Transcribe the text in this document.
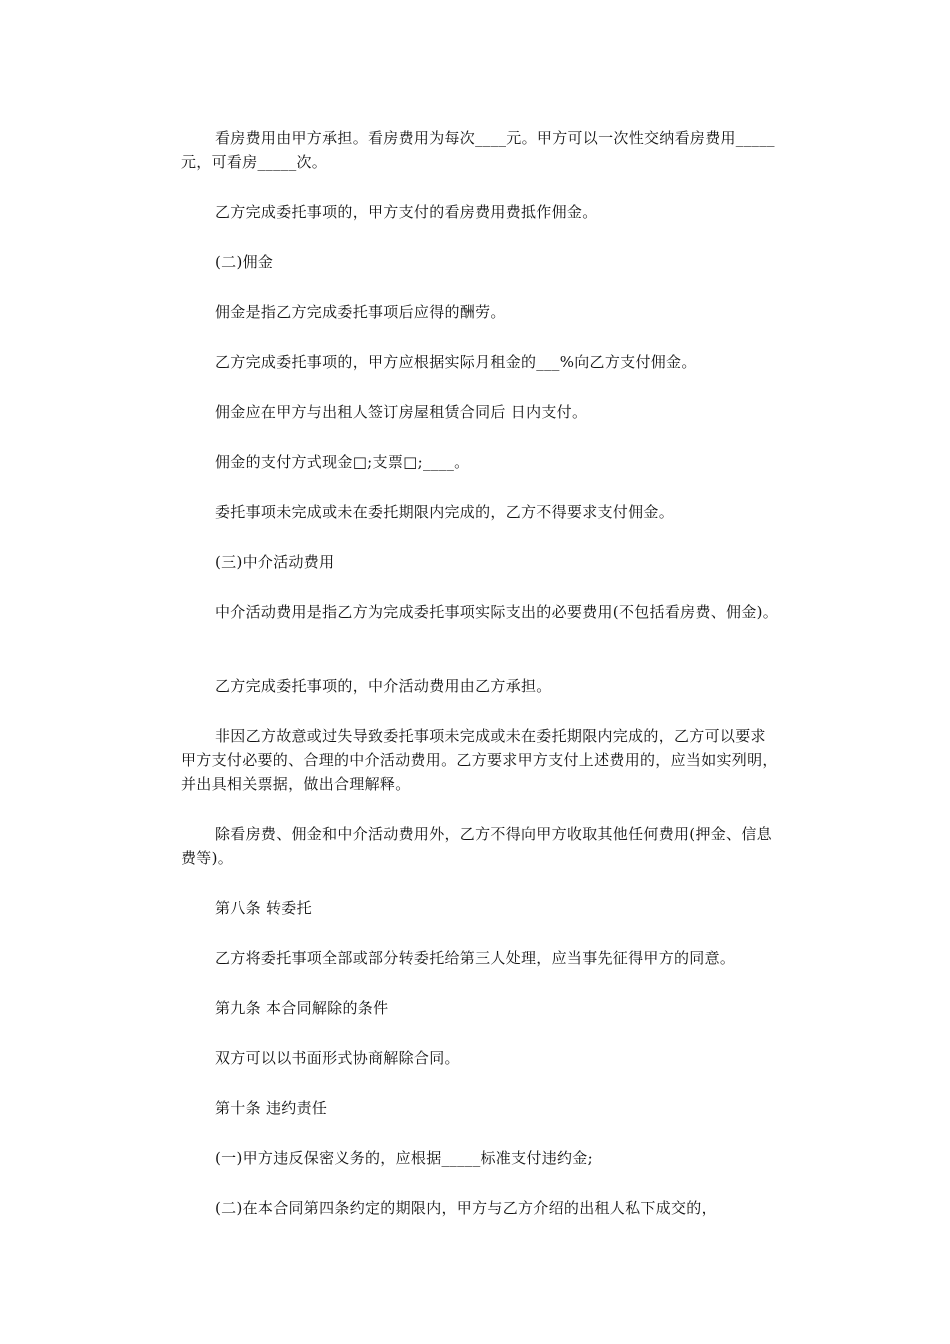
看房费用由甲方承担。看房费用为每次____元。甲方可以一次性交纳看房费用_____元，可看房_____次。

乙方完成委托事项的，甲方支付的看房费用费抵作佣金。

(二)佣金

佣金是指乙方完成委托事项后应得的酬劳。

乙方完成委托事项的，甲方应根据实际月租金的___%向乙方支付佣金。

佣金应在甲方与出租人签订房屋租赁合同后 日内支付。

佣金的支付方式现金□;支票□;____。

委托事项未完成或未在委托期限内完成的，乙方不得要求支付佣金。

(三)中介活动费用

中介活动费用是指乙方为完成委托事项实际支出的必要费用(不包括看房费、佣金)。

乙方完成委托事项的，中介活动费用由乙方承担。

非因乙方故意或过失导致委托事项未完成或未在委托期限内完成的，乙方可以要求甲方支付必要的、合理的中介活动费用。乙方要求甲方支付上述费用的，应当如实列明，并出具相关票据，做出合理解释。

除看房费、佣金和中介活动费用外，乙方不得向甲方收取其他任何费用(押金、信息费等)。

第八条 转委托

乙方将委托事项全部或部分转委托给第三人处理，应当事先征得甲方的同意。

第九条 本合同解除的条件

双方可以以书面形式协商解除合同。

第十条 违约责任

(一)甲方违反保密义务的，应根据_____标准支付违约金;

(二)在本合同第四条约定的期限内，甲方与乙方介绍的出租人私下成交的，
